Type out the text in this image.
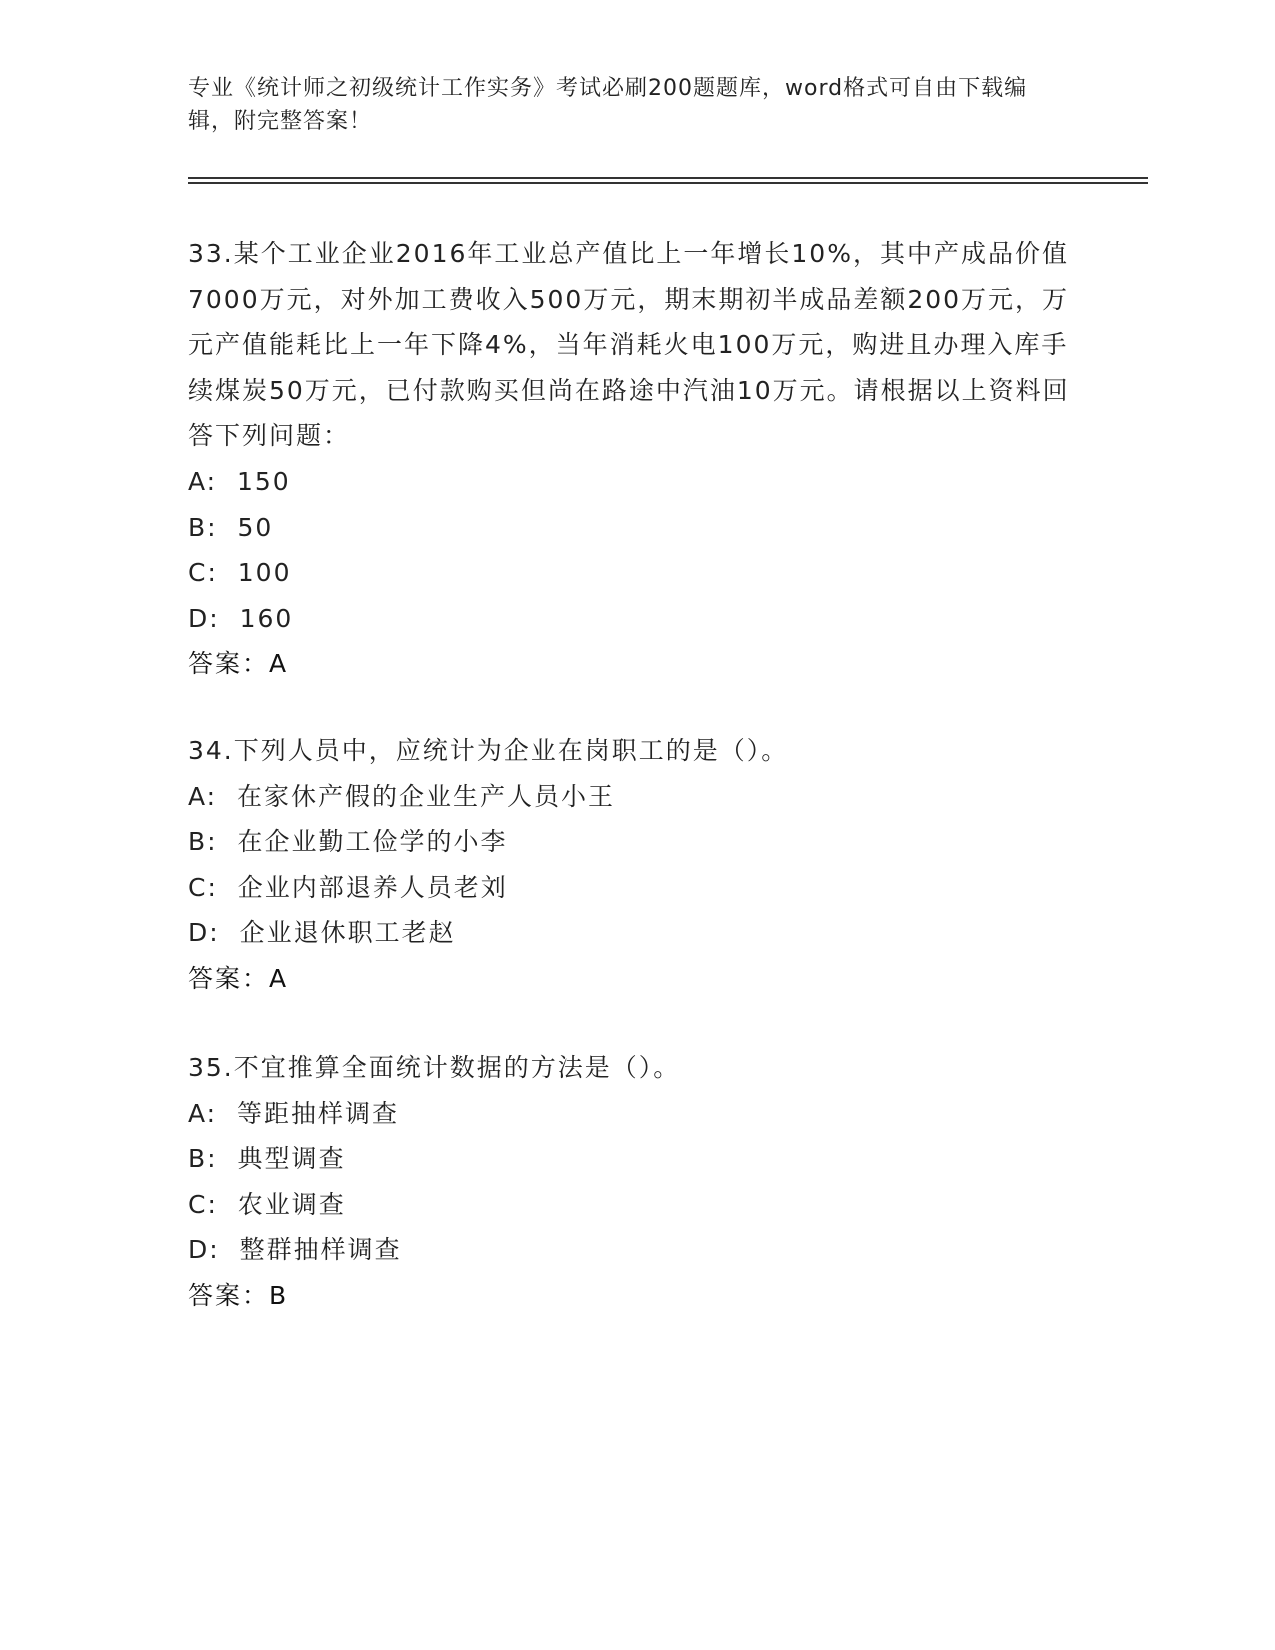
专业《统计师之初级统计工作实务》考试必刷200题题库，word格式可自由下载编辑，附完整答案！

33.某个工业企业2016年工业总产值比上一年增长10%，其中产成品价值7000万元，对外加工费收入500万元，期末期初半成品差额200万元，万元产值能耗比上一年下降4%，当年消耗火电100万元，购进且办理入库手续煤炭50万元，已付款购买但尚在路途中汽油10万元。请根据以上资料回答下列问题：

A:  150

B:  50

C:  100

D:  160

答案：A

34.下列人员中，应统计为企业在岗职工的是（）。

A:  在家休产假的企业生产人员小王

B:  在企业勤工俭学的小李

C:  企业内部退养人员老刘

D:  企业退休职工老赵

答案：A

35.不宜推算全面统计数据的方法是（）。

A:  等距抽样调查

B:  典型调查

C:  农业调查

D:  整群抽样调查

答案：B
